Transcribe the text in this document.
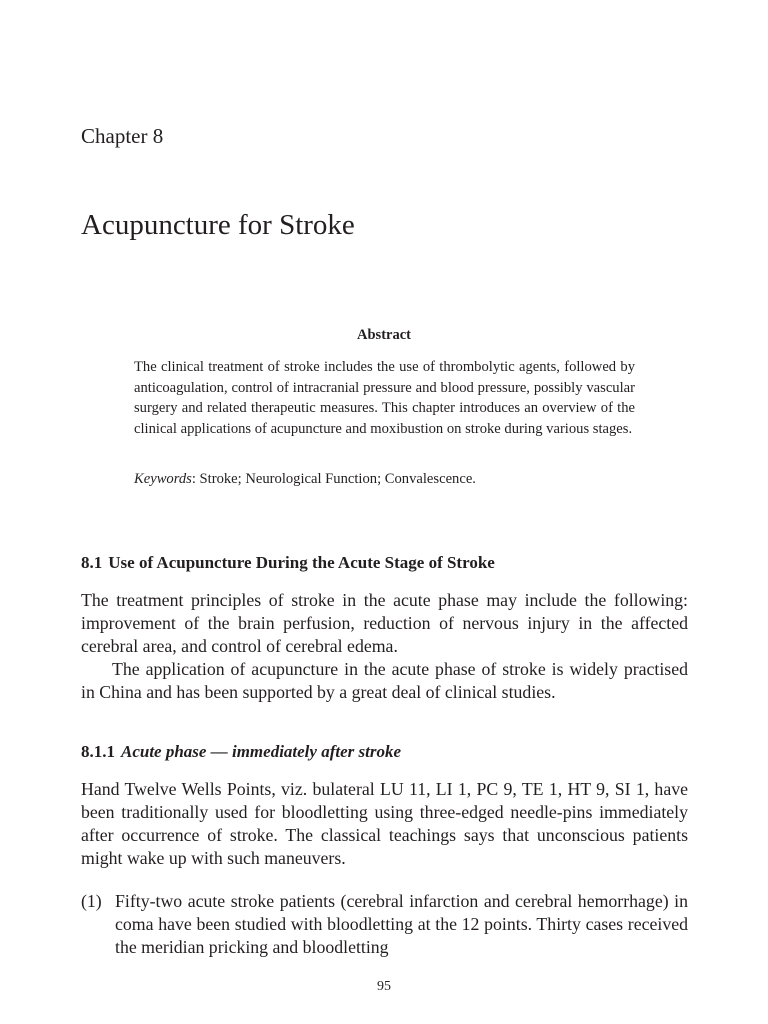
Chapter 8
Acupuncture for Stroke
Abstract

The clinical treatment of stroke includes the use of thrombolytic agents, followed by anticoagulation, control of intracranial pressure and blood pressure, possibly vascular surgery and related therapeutic measures. This chapter introduces an overview of the clinical applications of acupuncture and moxibustion on stroke during various stages.

Keywords: Stroke; Neurological Function; Convalescence.

8.1 Use of Acupuncture During the Acute Stage of Stroke

The treatment principles of stroke in the acute phase may include the following: improvement of the brain perfusion, reduction of nervous injury in the affected cerebral area, and control of cerebral edema.

The application of acupuncture in the acute phase of stroke is widely practised in China and has been supported by a great deal of clinical studies.

8.1.1 Acute phase — immediately after stroke

Hand Twelve Wells Points, viz. bulateral LU 11, LI 1, PC 9, TE 1, HT 9, SI 1, have been traditionally used for bloodletting using three-edged needle-pins immediately after occurrence of stroke. The classical teachings says that unconscious patients might wake up with such maneuvers.

(1) Fifty-two acute stroke patients (cerebral infarction and cerebral hemorrhage) in coma have been studied with bloodletting at the 12 points. Thirty cases received the meridian pricking and bloodletting
95
